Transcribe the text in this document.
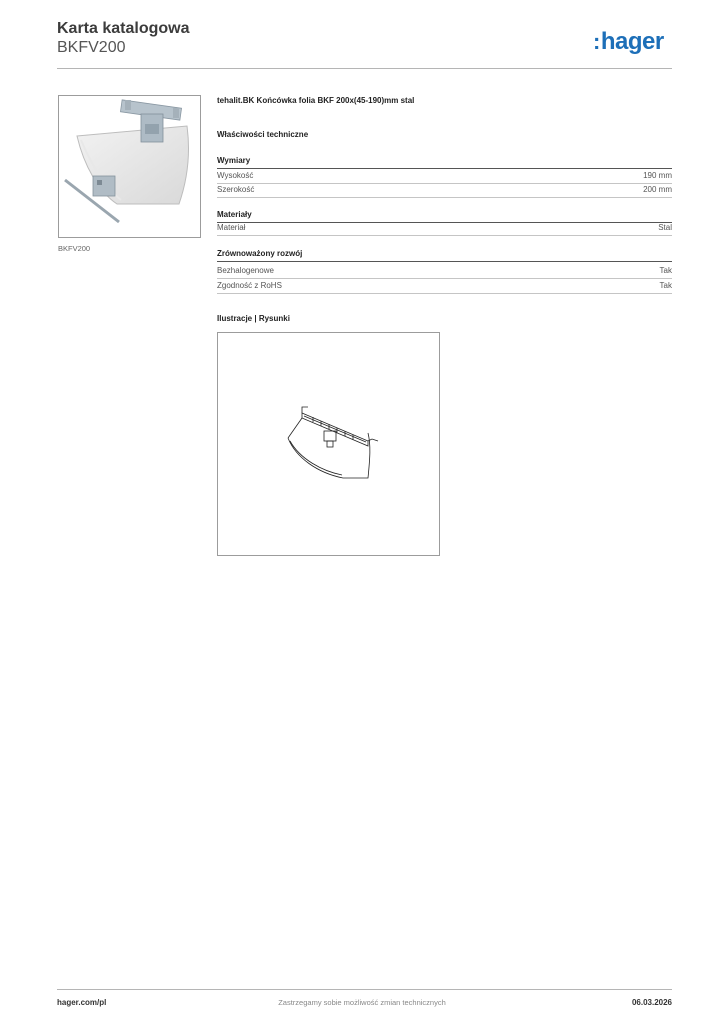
Karta katalogowa
BKFV200	:hager
BKFV200
tehalit.BK Końcówka folia BKF 200x(45-190)mm stal
Właściwości techniczne
Wymiary
Wysokość	190 mm
Szerokość	200 mm
Materiały
Materiał	Stal
Zrównoważony rozwój
Bezhalogenowe	Tak
Zgodność z RoHS	Tak
Ilustracje | Rysunki
hager.com/pl	Zastrzegamy sobie możliwość zmian technicznych	06.03.2026
